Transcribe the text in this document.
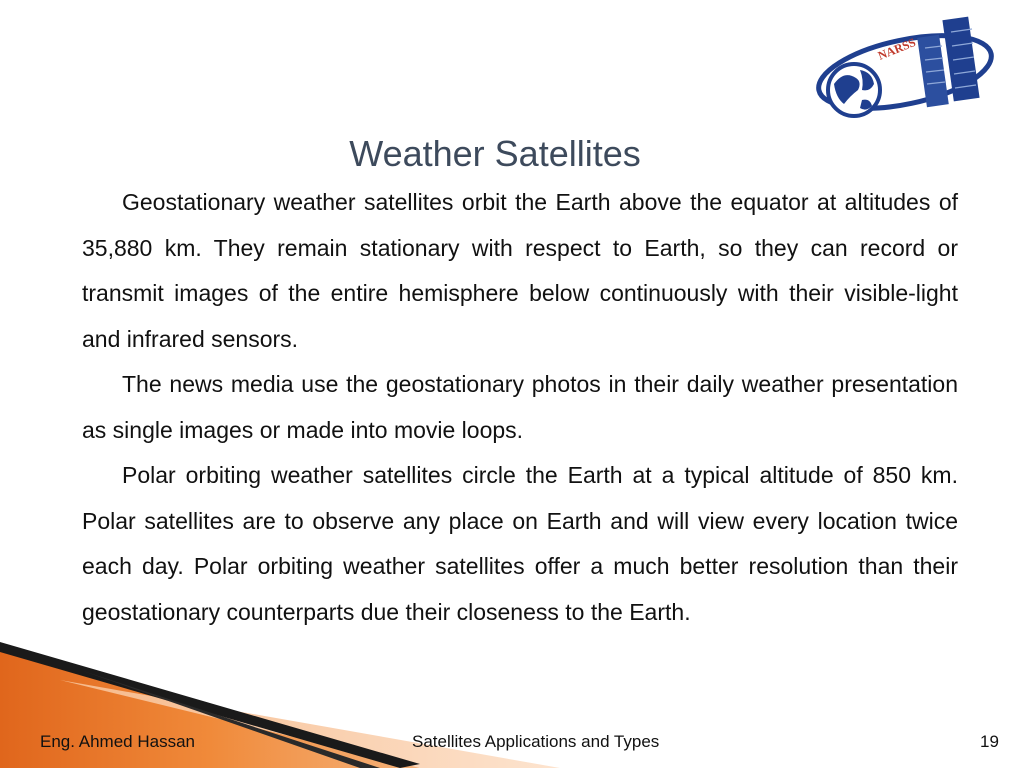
NARSS
Weather Satellites

Geostationary weather satellites orbit the Earth above the equator at altitudes of 35,880 km. They remain stationary with respect to Earth, so they can record or transmit images of the entire hemisphere below continuously with their visible-light and infrared sensors.

The news media use the geostationary photos in their daily weather presentation as single images or made into movie loops.

Polar orbiting weather satellites circle the Earth at a typical altitude of 850 km. Polar satellites are to observe any place on Earth and will view every location twice each day. Polar orbiting weather satellites offer a much better resolution than their geostationary counterparts due their closeness to the Earth.

Eng. Ahmed Hassan	Satellites Applications and Types	19
